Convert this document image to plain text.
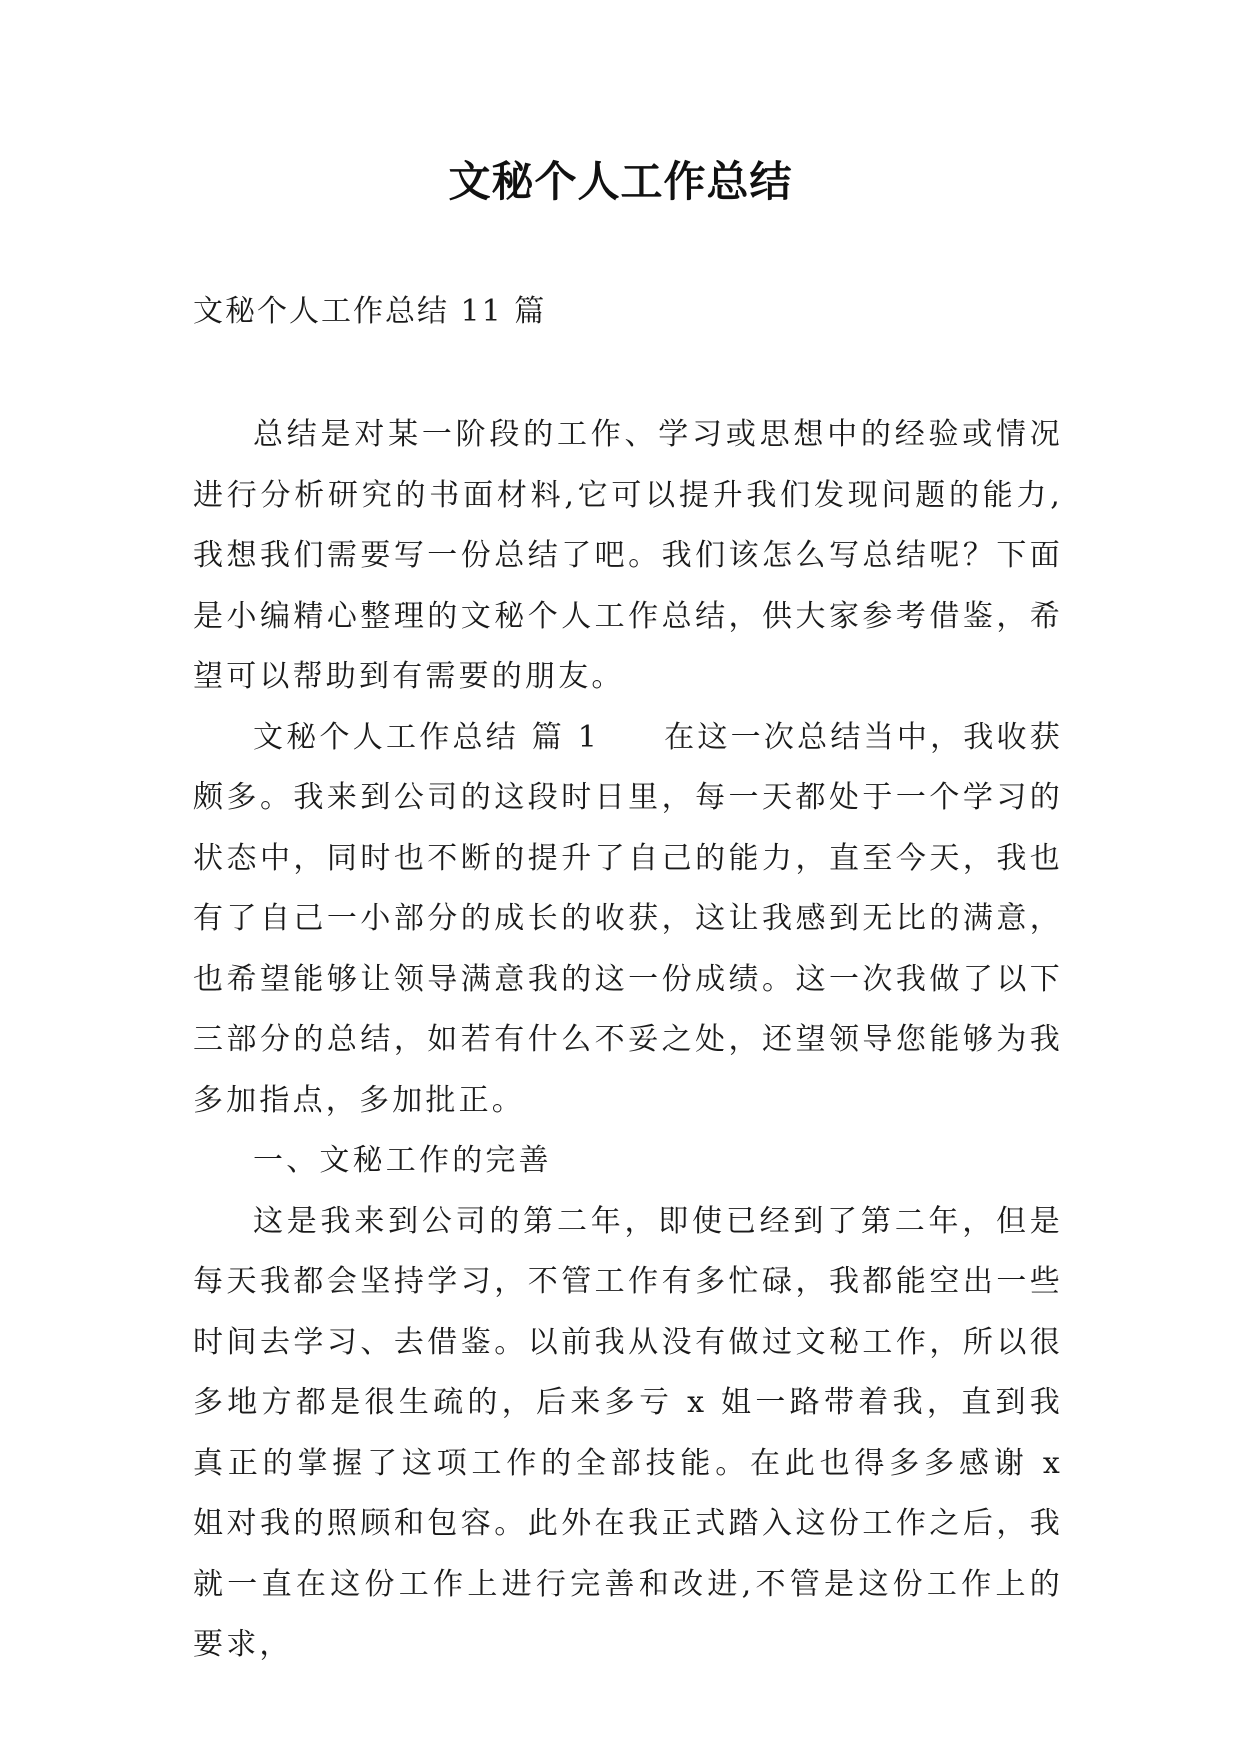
文秘个人工作总结
文秘个人工作总结 11 篇

总结是对某一阶段的工作、学习或思想中的经验或情况进行分析研究的书面材料,它可以提升我们发现问题的能力,我想我们需要写一份总结了吧。我们该怎么写总结呢？下面是小编精心整理的文秘个人工作总结，供大家参考借鉴，希望可以帮助到有需要的朋友。

文秘个人工作总结 篇 1 在这一次总结当中，我收获颇多。我来到公司的这段时日里，每一天都处于一个学习的状态中，同时也不断的提升了自己的能力，直至今天，我也有了自己一小部分的成长的收获，这让我感到无比的满意，也希望能够让领导满意我的这一份成绩。这一次我做了以下三部分的总结，如若有什么不妥之处，还望领导您能够为我多加指点，多加批正。

一、文秘工作的完善

这是我来到公司的第二年，即使已经到了第二年，但是每天我都会坚持学习，不管工作有多忙碌，我都能空出一些时间去学习、去借鉴。以前我从没有做过文秘工作，所以很多地方都是很生疏的，后来多亏 x 姐一路带着我，直到我真正的掌握了这项工作的全部技能。在此也得多多感谢 x 姐对我的照顾和包容。此外在我正式踏入这份工作之后，我就一直在这份工作上进行完善和改进,不管是这份工作上的要求，
